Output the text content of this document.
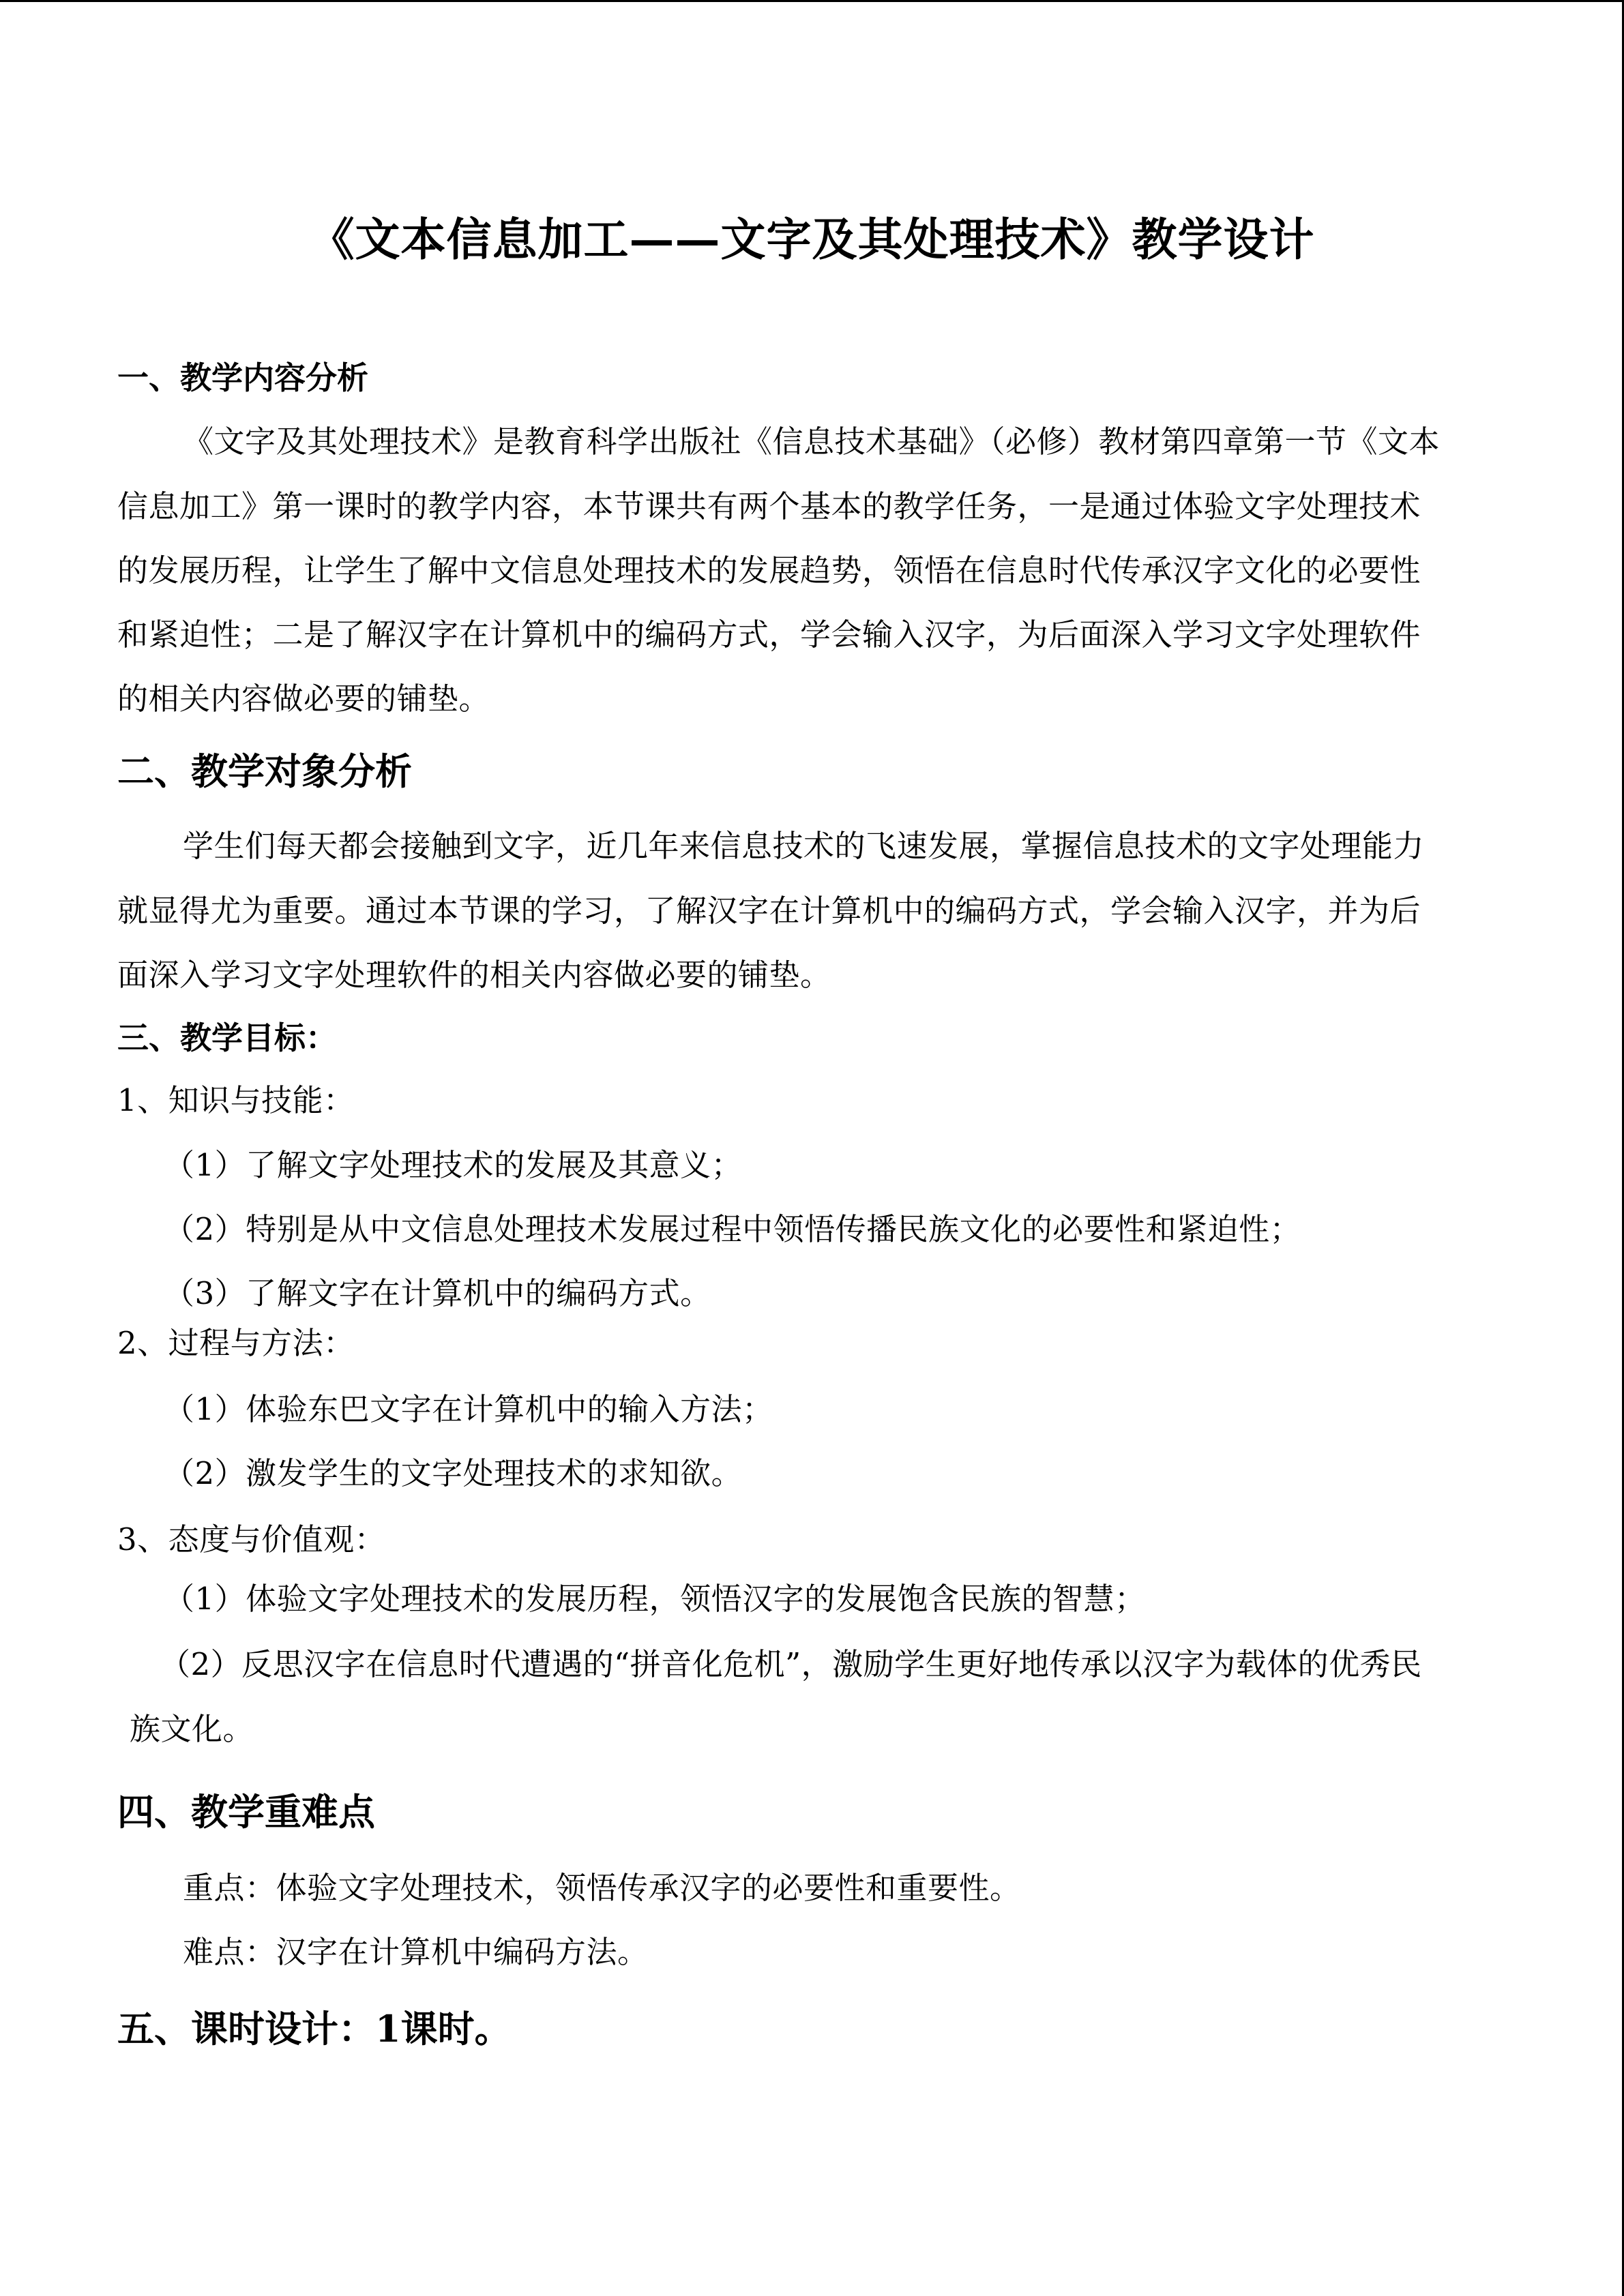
《文本信息加工——文字及其处理技术》教学设计
一、教学内容分析
《文字及其处理技术》是教育科学出版社《信息技术基础》（必修）教材第四章第一节《文本
信息加工》第一课时的教学内容，本节课共有两个基本的教学任务，一是通过体验文字处理技术
的发展历程，让学生了解中文信息处理技术的发展趋势，领悟在信息时代传承汉字文化的必要性
和紧迫性；二是了解汉字在计算机中的编码方式，学会输入汉字，为后面深入学习文字处理软件
的相关内容做必要的铺垫。
二、教学对象分析
学生们每天都会接触到文字，近几年来信息技术的飞速发展，掌握信息技术的文字处理能力
就显得尤为重要。通过本节课的学习，了解汉字在计算机中的编码方式，学会输入汉字，并为后
面深入学习文字处理软件的相关内容做必要的铺垫。
三、教学目标：
1、知识与技能：
（1）了解文字处理技术的发展及其意义；
（2）特别是从中文信息处理技术发展过程中领悟传播民族文化的必要性和紧迫性；
（3）了解文字在计算机中的编码方式。
2、过程与方法：
（1）体验东巴文字在计算机中的输入方法；
（2）激发学生的文字处理技术的求知欲。
3、态度与价值观：
（1）体验文字处理技术的发展历程，领悟汉字的发展饱含民族的智慧；
（2）反思汉字在信息时代遭遇的“拼音化危机”，激励学生更好地传承以汉字为载体的优秀民
族文化。
四、教学重难点
重点：体验文字处理技术，领悟传承汉字的必要性和重要性。
难点：汉字在计算机中编码方法。
五、课时设计：1课时。
